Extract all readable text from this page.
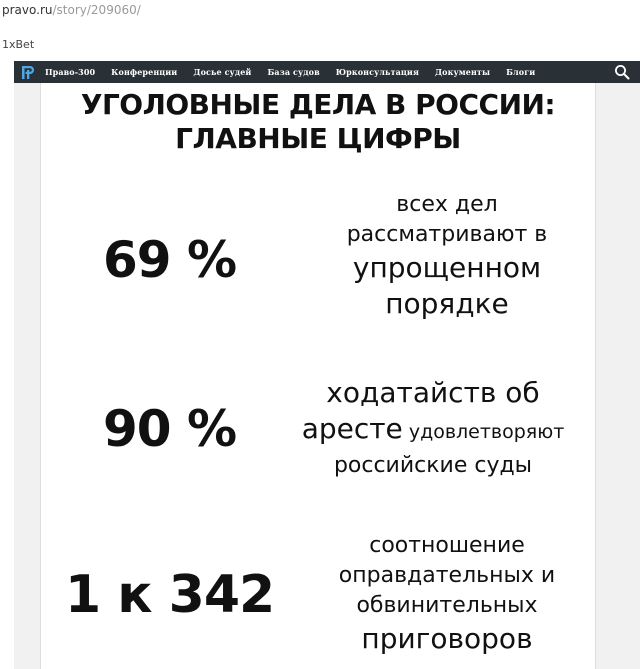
pravo.ru/story/209060/
1xBet
Право-300 Конференции Досье судей База судов Юрконсультация Документы Блоги
УГОЛОВНЫЕ ДЕЛА В РОССИИ:
ГЛАВНЫЕ ЦИФРЫ
69 %
всех дел
рассматривают в
упрощенном
порядке
90 %
ходатайств об
аресте удовлетворяют
российские суды
1 к 342
соотношение
оправдательных и
обвинительных
приговоров
